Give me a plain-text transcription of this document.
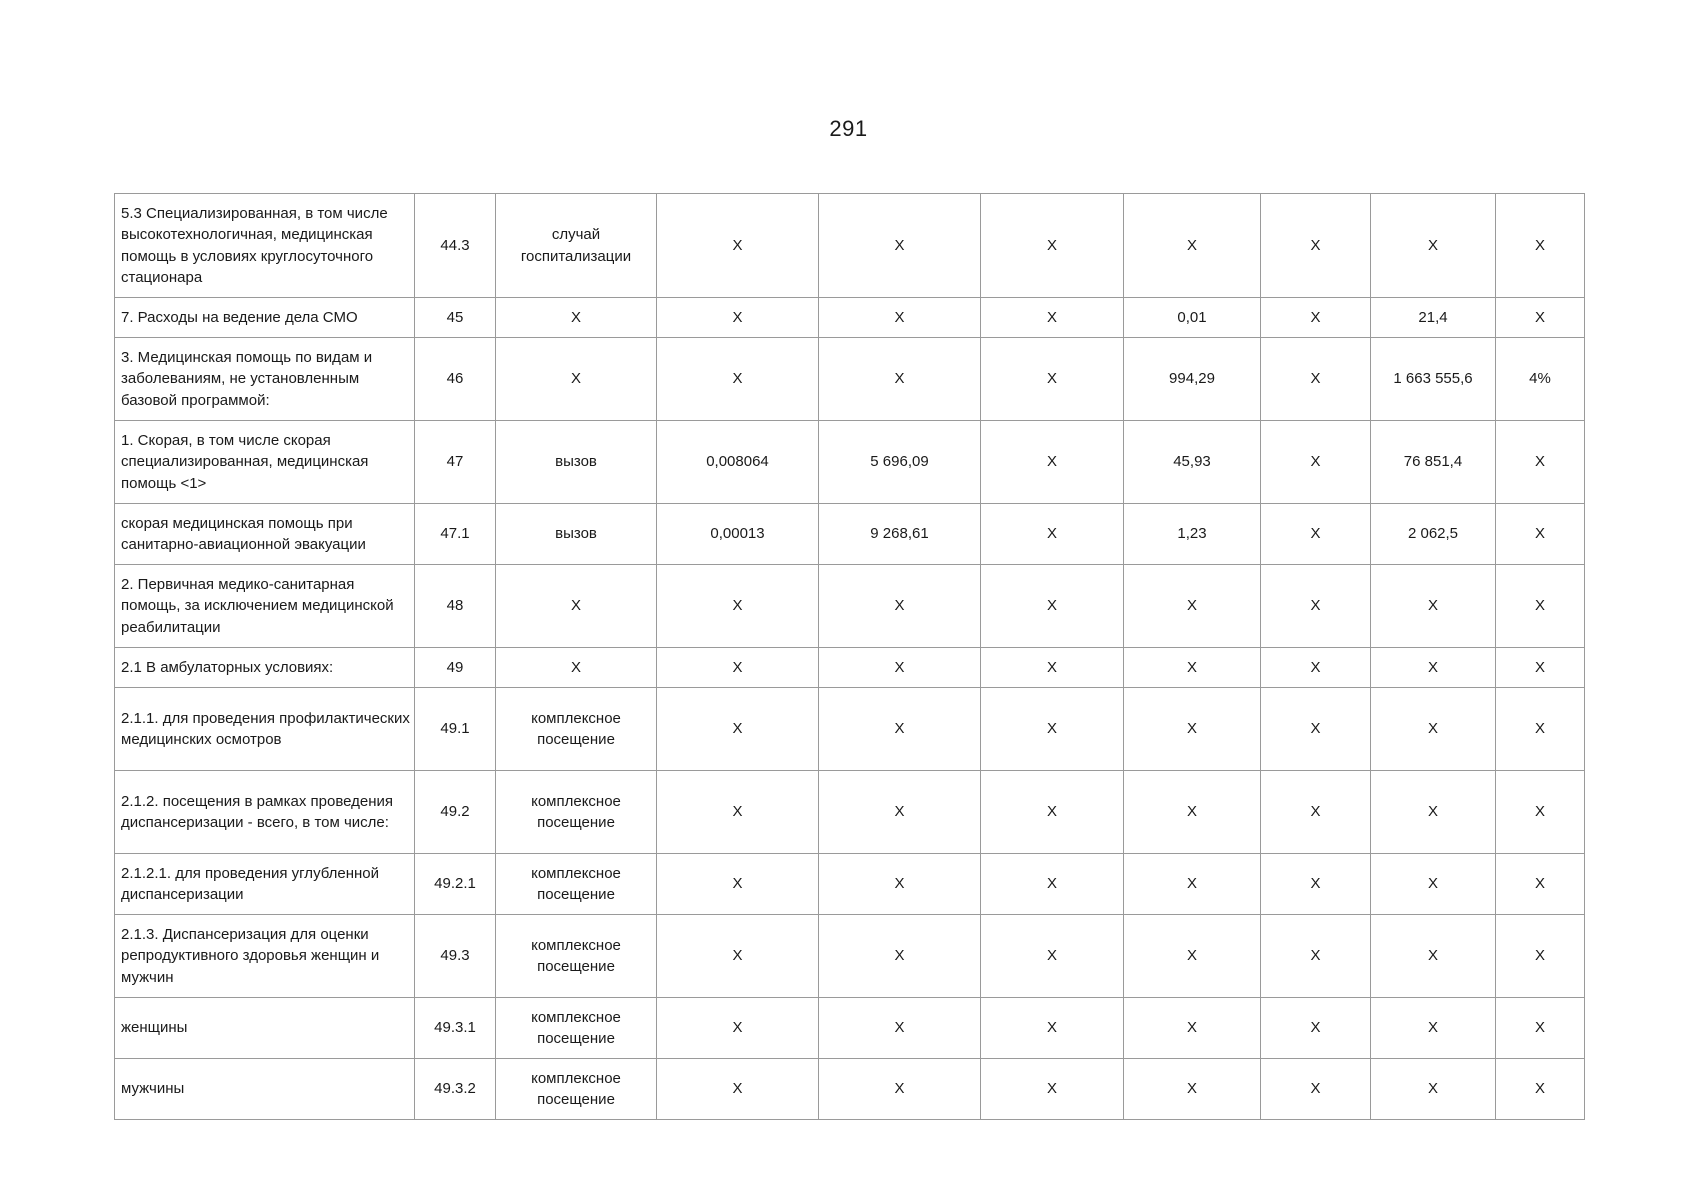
291
5.3 Специализированная, в том числе высокотехнологичная, медицинская помощь в условиях круглосуточного стационара	44.3	случай госпитализации	X	X	X	X	X	X	X
7. Расходы на ведение дела СМО	45	X	X	X	X	0,01	X	21,4	X
3. Медицинская помощь по видам и заболеваниям, не установленным базовой программой:	46	X	X	X	X	994,29	X	1 663 555,6	4%
1. Скорая, в том числе скорая специализированная, медицинская помощь <1>	47	вызов	0,008064	5 696,09	X	45,93	X	76 851,4	X
скорая медицинская помощь при санитарно-авиационной эвакуации	47.1	вызов	0,00013	9 268,61	X	1,23	X	2 062,5	X
2. Первичная медико-санитарная помощь, за исключением медицинской реабилитации	48	X	X	X	X	X	X	X	X
2.1 В амбулаторных условиях:	49	X	X	X	X	X	X	X	X
2.1.1. для проведения профилактических медицинских осмотров	49.1	комплексное посещение	X	X	X	X	X	X	X
2.1.2. посещения в рамках проведения диспансеризации - всего, в том числе:	49.2	комплексное посещение	X	X	X	X	X	X	X
2.1.2.1. для проведения углубленной диспансеризации	49.2.1	комплексное посещение	X	X	X	X	X	X	X
2.1.3. Диспансеризация для оценки репродуктивного здоровья женщин и мужчин	49.3	комплексное посещение	X	X	X	X	X	X	X
женщины	49.3.1	комплексное посещение	X	X	X	X	X	X	X
мужчины	49.3.2	комплексное посещение	X	X	X	X	X	X	X
